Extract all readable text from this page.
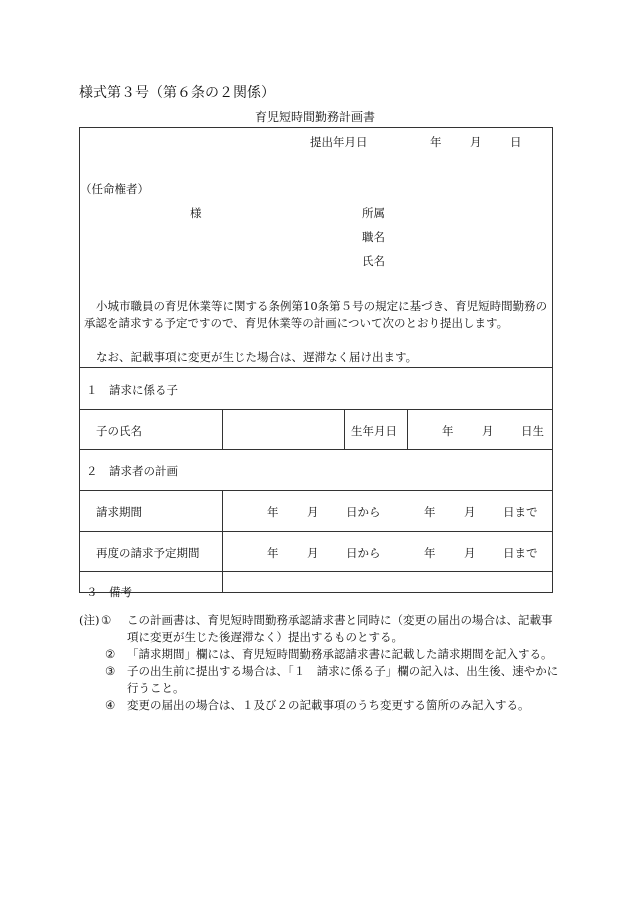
様式第３号（第６条の２関係）
育児短時間勤務計画書
提出年月日	年 月 日
（任命権者）
様	所属
職名
氏名
小城市職員の育児休業等に関する条例第10条第５号の規定に基づき、育児短時間勤務の承認を請求する予定ですので、育児休業等の計画について次のとおり提出します。
なお、記載事項に変更が生じた場合は、遅滞なく届け出ます。
１　請求に係る子
子の氏名	生年月日	年 月 日生
２　請求者の計画
請求期間	年 月 日から	年 月 日まで
再度の請求予定期間	年 月 日から	年 月 日まで
３　備考
(注) ①	この計画書は、育児短時間勤務承認請求書と同時に（変更の届出の場合は、記載事項に変更が生じた後遅滞なく）提出するものとする。
②	「請求期間」欄には、育児短時間勤務承認請求書に記載した請求期間を記入する。
③	子の出生前に提出する場合は、「１　請求に係る子」欄の記入は、出生後、速やかに行うこと。
④	変更の届出の場合は、１及び２の記載事項のうち変更する箇所のみ記入する。
